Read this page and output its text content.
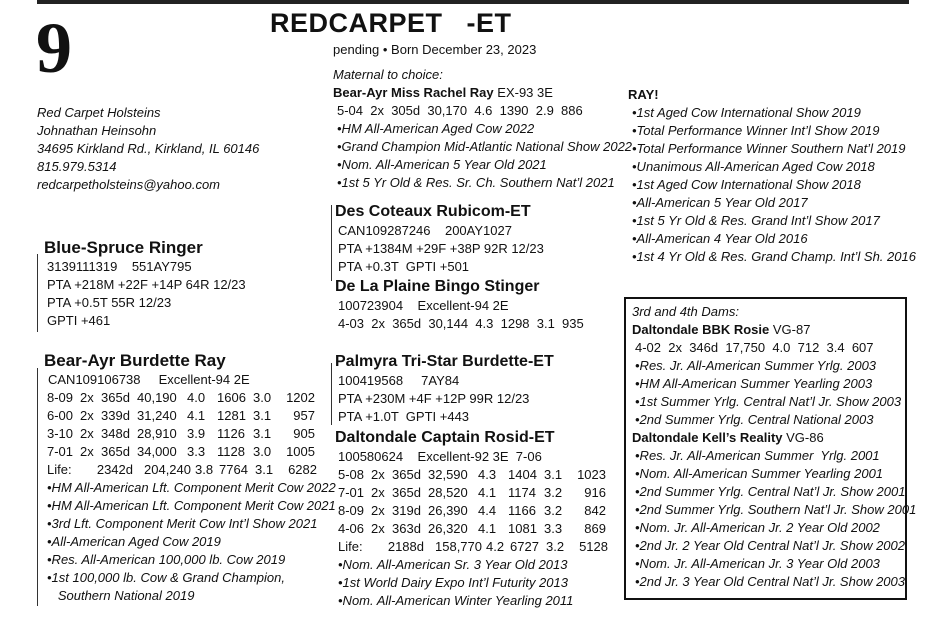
9	REDCARPET   -ET
pending • Born December 23, 2023
Red Carpet Holsteins
Johnathan Heinsohn
34695 Kirkland Rd., Kirkland, IL 60146
815.979.5314
redcarpetholsteins@yahoo.com
Maternal to choice:
Bear-Ayr Miss Rachel Ray EX-93 3E
5-04  2x  305d  30,170  4.6  1390  2.9  886
•HM All-American Aged Cow 2022
•Grand Champion Mid-Atlantic National Show 2022
•Nom. All-American 5 Year Old 2021
•1st 5 Yr Old & Res. Sr. Ch. Southern Nat’l 2021
RAY!
•1st Aged Cow International Show 2019
•Total Performance Winner Int’l Show 2019
•Total Performance Winner Southern Nat’l 2019
•Unanimous All-American Aged Cow 2018
•1st Aged Cow International Show 2018
•All-American 5 Year Old 2017
•1st 5 Yr Old & Res. Grand Int’l Show 2017
•All-American 4 Year Old 2016
•1st 4 Yr Old & Res. Grand Champ. Int’l Sh. 2016
Blue-Spruce Ringer
3139111319    551AY795
PTA +218M +22F +14P 64R 12/23
PTA +0.5T 55R 12/23
GPTI +461
Des Coteaux Rubicom-ET
CAN109287246    200AY1027
PTA +1384M +29F +38P 92R 12/23
PTA +0.3T  GPTI +501
De La Plaine Bingo Stinger
100723904    Excellent-94 2E
4-03  2x  365d  30,144  4.3  1298  3.1  935
Bear-Ayr Burdette Ray
CAN109106738     Excellent-94 2E
8-09 2x 365d 40,190 4.0 1606 3.0	1202
6-00 2x 339d 31,240 4.1 1281 3.1	957
3-10 2x 348d 28,910 3.9 1126 3.1	905
7-01 2x 365d 34,000 3.3 1128 3.0	1005
Life:	2342d 204,240 3.8 7764 3.1	6282
•HM All-American Lft. Component Merit Cow 2022
•HM All-American Lft. Component Merit Cow 2021
•3rd Lft. Component Merit Cow Int’l Show 2021
•All-American Aged Cow 2019
•Res. All-American 100,000 lb. Cow 2019
•1st 100,000 lb. Cow & Grand Champion,
Southern National 2019
Palmyra Tri-Star Burdette-ET
100419568     7AY84
PTA +230M +4F +12P 99R 12/23
PTA +1.0T  GPTI +443
Daltondale Captain Rosid-ET
100580624    Excellent-92 3E  7-06
5-08 2x 365d 32,590 4.3 1404 3.1	1023
7-01 2x 365d 28,520 4.1 1174 3.2	916
8-09 2x 319d 26,390 4.4 1166 3.2	842
4-06 2x 363d 26,320 4.1 1081 3.3	869
Life:	2188d 158,770 4.2 6727 3.2	5128
•Nom. All-American Sr. 3 Year Old 2013
•1st World Dairy Expo Int’l Futurity 2013
•Nom. All-American Winter Yearling 2011
3rd and 4th Dams:
Daltondale BBK Rosie VG-87
4-02  2x  346d  17,750  4.0  712  3.4  607
•Res. Jr. All-American Summer Yrlg. 2003
•HM All-American Summer Yearling 2003
•1st Summer Yrlg. Central Nat’l Jr. Show 2003
•2nd Summer Yrlg. Central National 2003
Daltondale Kell’s Reality VG-86
•Res. Jr. All-American Summer  Yrlg. 2001
•Nom. All-American Summer Yearling 2001
•2nd Summer Yrlg. Central Nat’l Jr. Show 2001
•2nd Summer Yrlg. Southern Nat’l Jr. Show 2001
•Nom. Jr. All-American Jr. 2 Year Old 2002
•2nd Jr. 2 Year Old Central Nat’l Jr. Show 2002
•Nom. Jr. All-American Jr. 3 Year Old 2003
•2nd Jr. 3 Year Old Central Nat’l Jr. Show 2003
